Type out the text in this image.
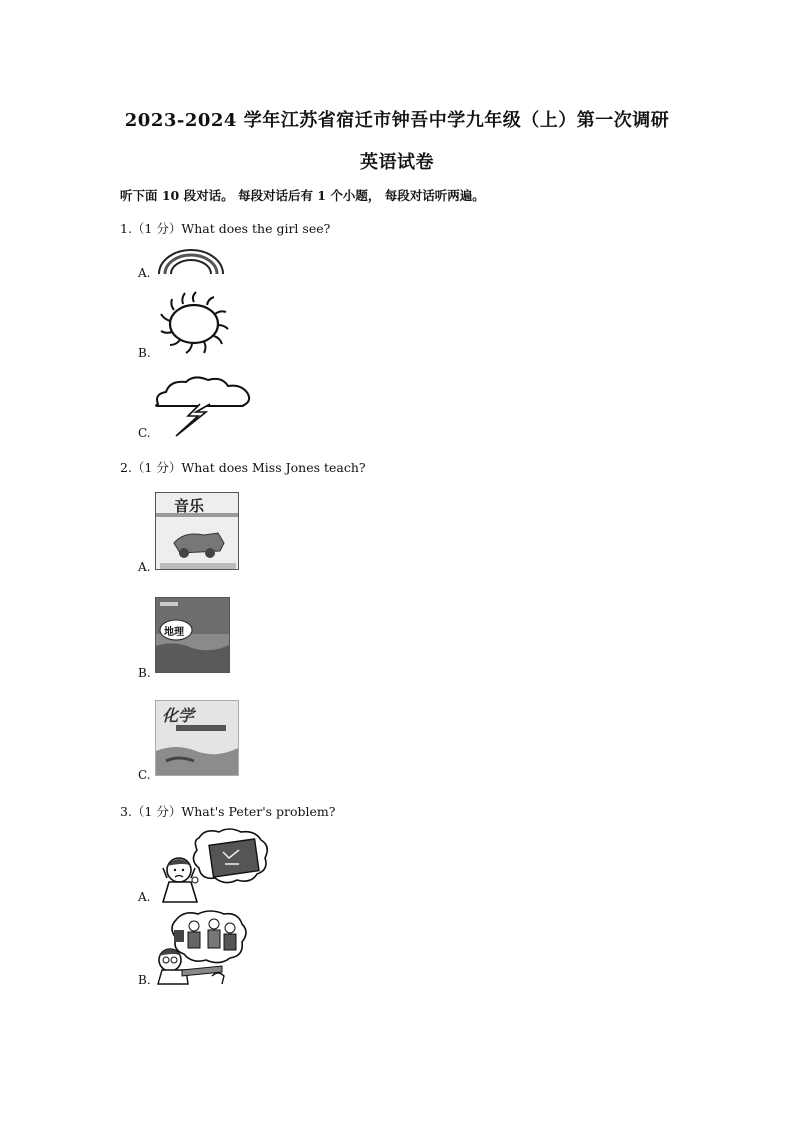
2023-2024 学年江苏省宿迁市钟吾中学九年级（上）第一次调研
英语试卷
听下面 10 段对话。 每段对话后有 1 个小题， 每段对话听两遍。
1.（1 分）What does the girl see?
A.
B.
C.
2.（1 分）What does Miss Jones teach?
A.
音乐
B.
地理
C.
化学
3.（1 分）What's Peter's problem?
A.
B.
